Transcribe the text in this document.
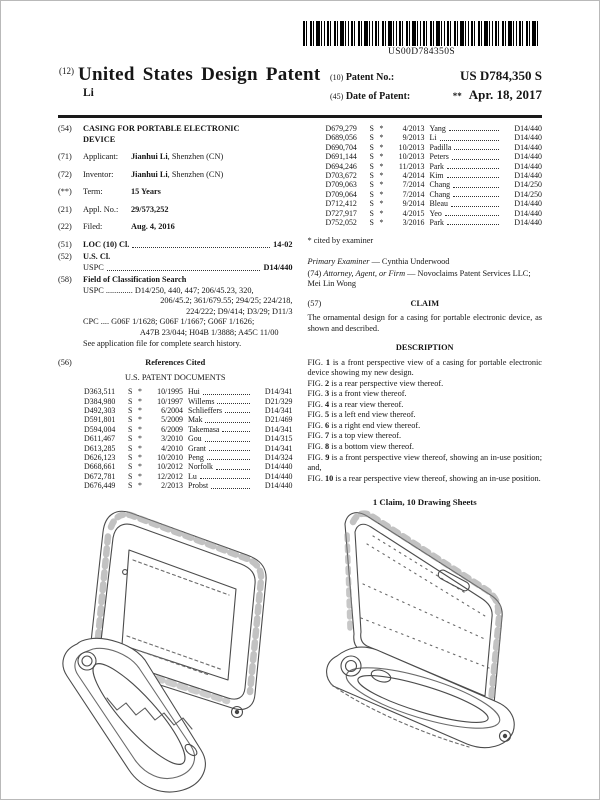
US00D784350S
$^{(12)}$ United States Design Patent
Li
(10) Patent No.:	US D784,350 S
(45) Date of Patent:	** Apr. 18, 2017
(54)	CASING FOR PORTABLE ELECTRONIC
DEVICE
(71)	Applicant: Jianhui Li, Shenzhen (CN)
(72)	Inventor: Jianhui Li, Shenzhen (CN)
(**)	Term:	15 Years
(21)	Appl. No.: 29/573,252
(22)	Filed:	Aug. 4, 2016
(51)	LOC (10) Cl.	14-02
(52)	U.S. Cl.
USPC	D14/440
(58)	Field of Classification Search
USPC ............. D14/250, 440, 447; 206/45.23, 320,
206/45.2; 361/679.55; 294/25; 224/218,
224/222; D9/414; D3/29; D11/3
CPC .... G06F 1/1628; G06F 1/1667; G06F 1/1626;
A47B 23/044; H04B 1/3888; A45C 11/00
See application file for complete search history.
(56)	References Cited
U.S. PATENT DOCUMENTS
D363,511	S *	10/1995 Hui	D14/341
D384,980	S *	10/1997 Willems	D21/329
D492,303	S *	6/2004 Schlieffers	D14/341
D591,801	S *	5/2009 Mak	D21/469
D594,004	S *	6/2009 Takemasa	D14/341
D611,467	S *	3/2010 Gou	D14/315
D613,285	S *	4/2010 Grant	D14/341
D626,123	S *	10/2010 Peng	D14/324
D668,661	S *	10/2012 Norfolk	D14/440
D672,781	S *	12/2012 Lu	D14/440
D676,449	S *	2/2013 Probst	D14/440
D679,279	S *	4/2013 Yang	D14/440
D689,056	S *	9/2013 Li	D14/440
D690,704	S *	10/2013 Padilla	D14/440
D691,144	S *	10/2013 Peters	D14/440
D694,246	S *	11/2013 Park	D14/440
D703,672	S *	4/2014 Kim	D14/440
D709,063	S *	7/2014 Chang	D14/250
D709,064	S *	7/2014 Chang	D14/250
D712,412	S *	9/2014 Bleau	D14/440
D727,917	S *	4/2015 Yeo	D14/440
D752,052	S *	3/2016 Park	D14/440
* cited by examiner
Primary Examiner — Cynthia Underwood
(74) Attorney, Agent, or Firm — Novoclaims Patent Services LLC; Mei Lin Wong
(57)	CLAIM
The ornamental design for a casing for portable electronic device, as shown and described.
DESCRIPTION

FIG. 1 is a front perspective view of a casing for portable electronic device showing my new design.

FIG. 2 is a rear perspective view thereof.

FIG. 3 is a front view thereof.

FIG. 4 is a rear view thereof.

FIG. 5 is a left end view thereof.

FIG. 6 is a right end view thereof.

FIG. 7 is a top view thereof.

FIG. 8 is a bottom view thereof.

FIG. 9 is a front perspective view thereof, showing an in-use position; and,

FIG. 10 is a rear perspective view thereof, showing an in-use position.

1 Claim, 10 Drawing Sheets
